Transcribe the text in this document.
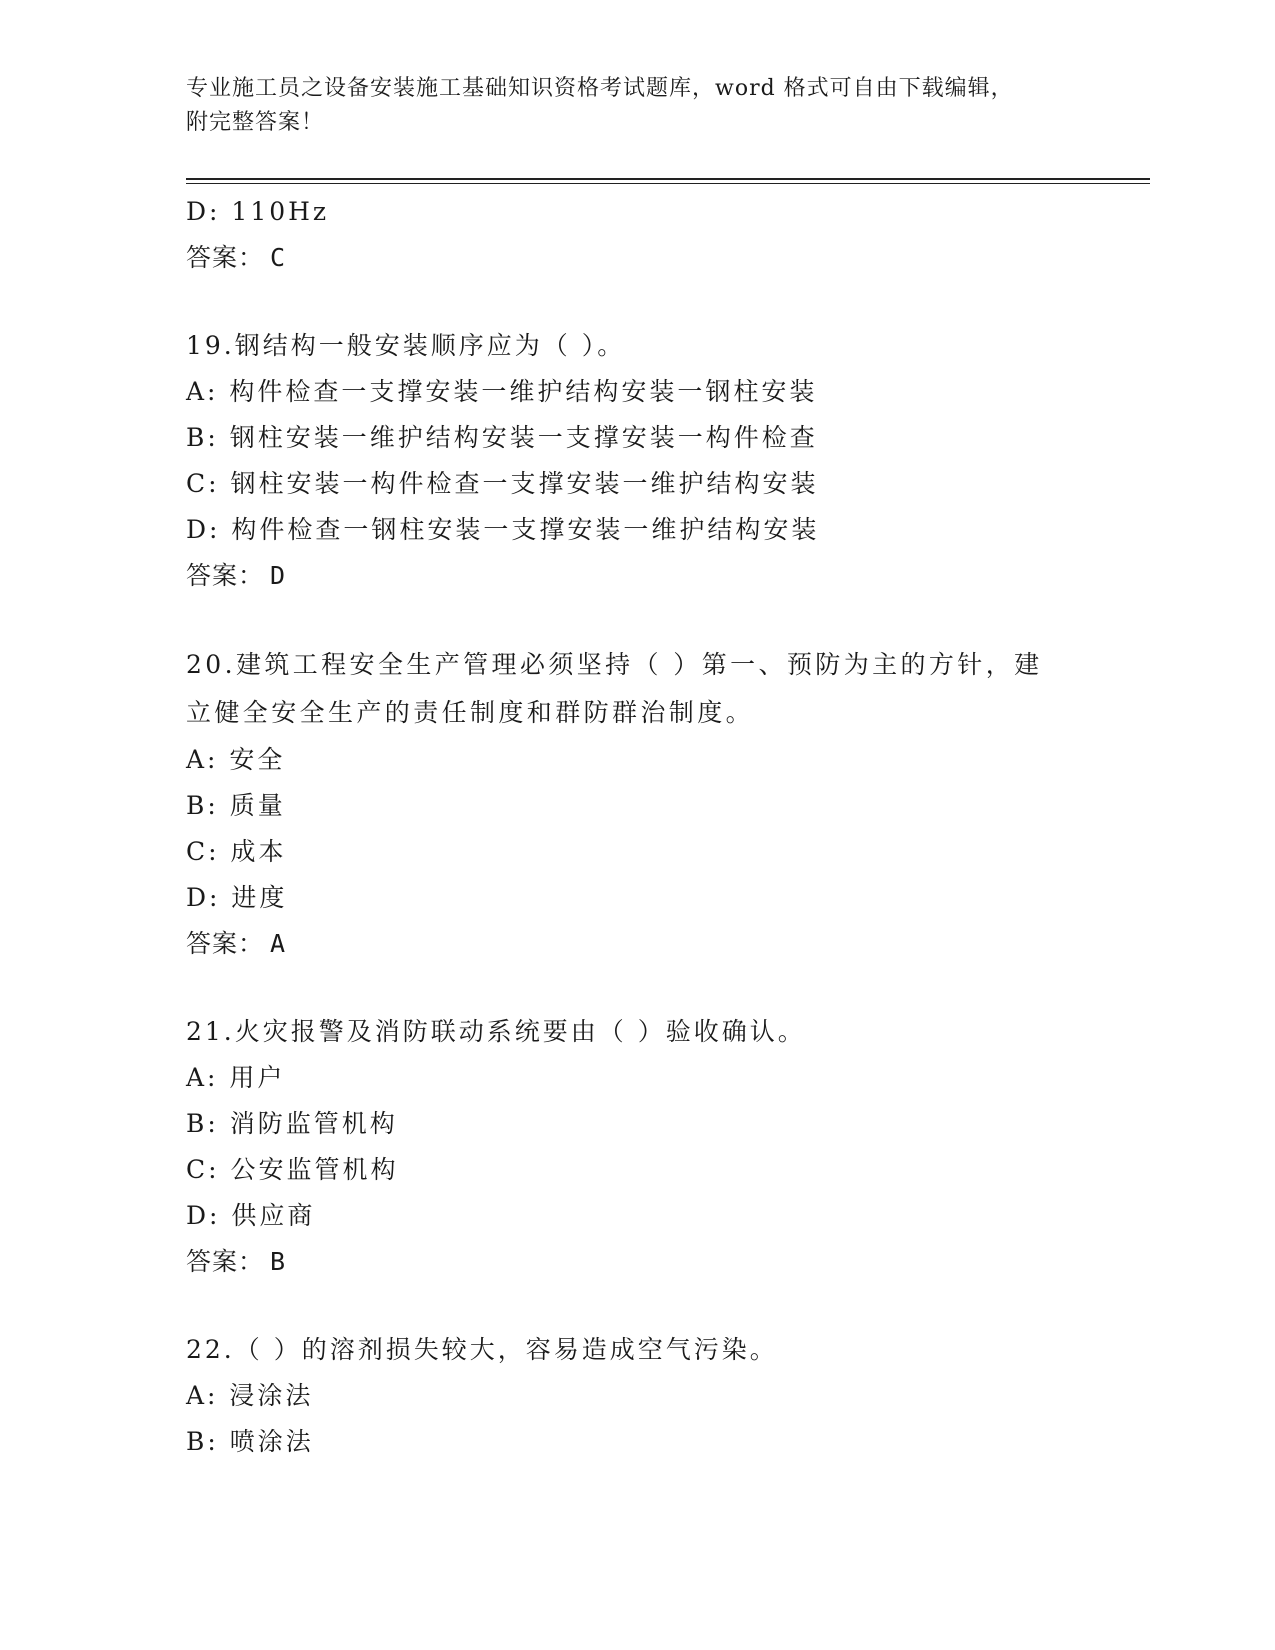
专业施工员之设备安装施工基础知识资格考试题库，word 格式可自由下载编辑，
附完整答案！
D: 110Hz
答案： C
19.钢结构一般安装顺序应为（ ）。
A: 构件检查一支撑安装一维护结构安装一钢柱安装
B: 钢柱安装一维护结构安装一支撑安装一构件检查
C: 钢柱安装一构件检查一支撑安装一维护结构安装
D: 构件检查一钢柱安装一支撑安装一维护结构安装
答案： D
20.建筑工程安全生产管理必须坚持（ ）第一、预防为主的方针，建立健全安全生产的责任制度和群防群治制度。
A: 安全
B: 质量
C: 成本
D: 进度
答案： A
21.火灾报警及消防联动系统要由（ ）验收确认。
A: 用户
B: 消防监管机构
C: 公安监管机构
D: 供应商
答案： B
22.（ ）的溶剂损失较大，容易造成空气污染。
A: 浸涂法
B: 喷涂法
